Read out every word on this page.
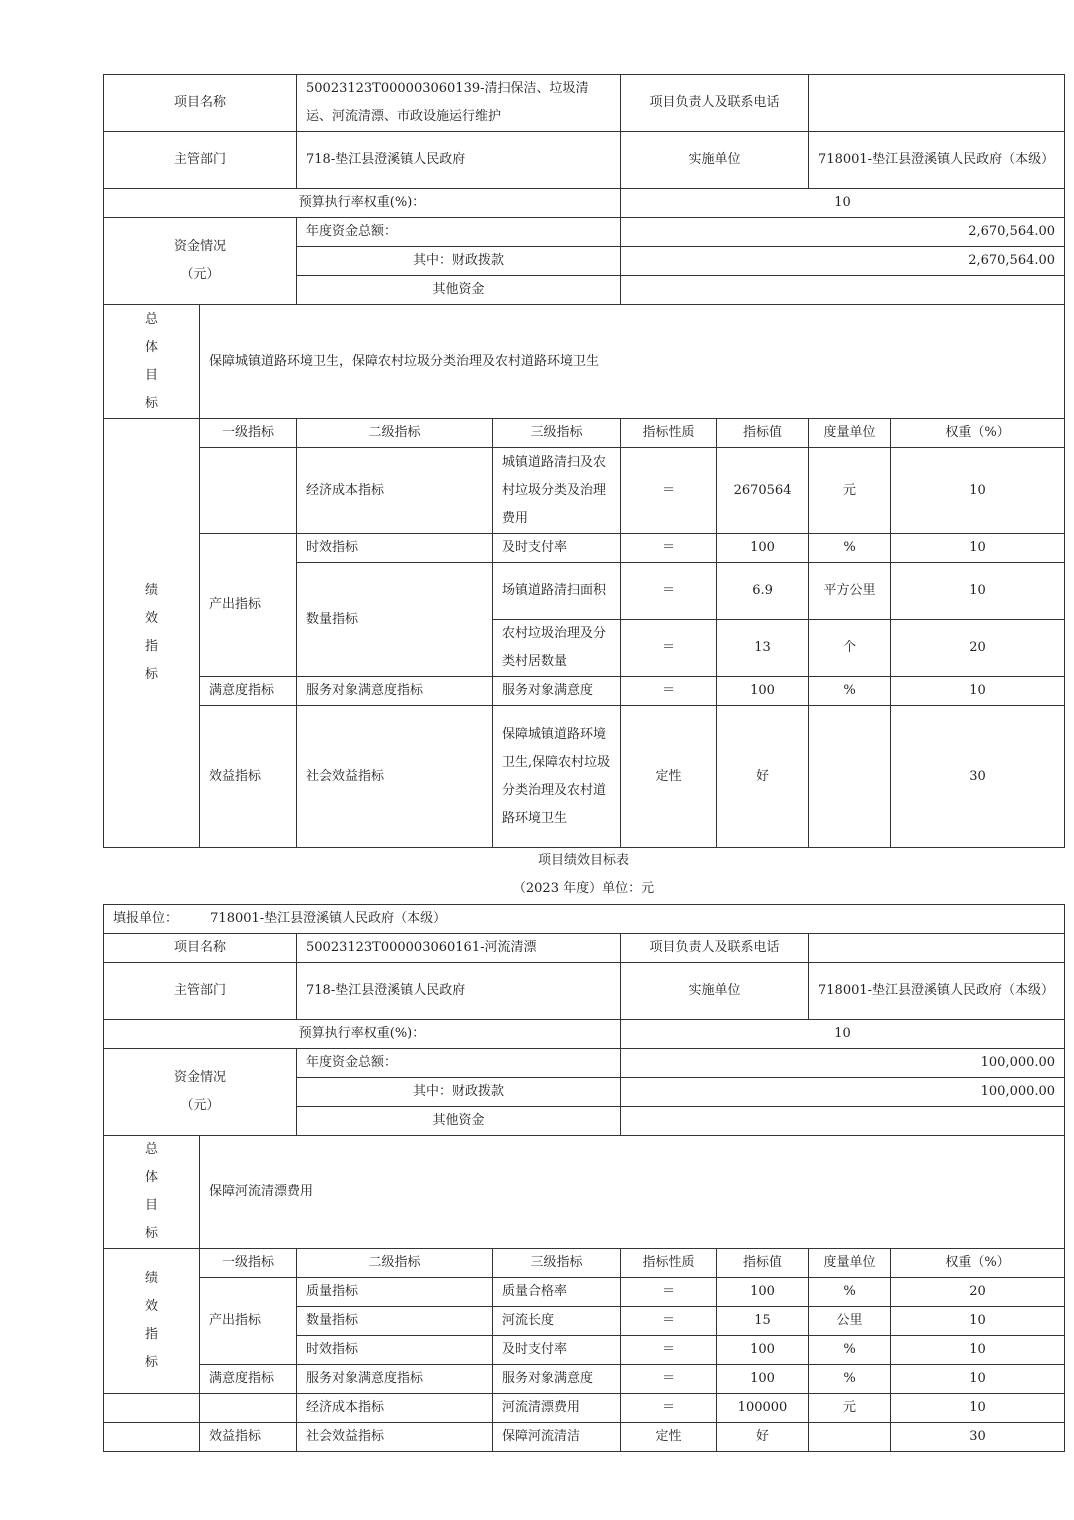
项目名称		50023123T000003060139-清扫保洁、垃圾清运、河流清漂、市政设施运行维护		项目负责人及联系电话			
主管部门		718-垫江县澄溪镇人民政府		实施单位		718001-垫江县澄溪镇人民政府（本级）	
预算执行率权重(%)：				10			

资金情况
（元）		年度资金总额：		2,670,564.00			
		其中：财政拨款		2,670,564.00			
		其他资金					

总
体
目
标	保障城镇道路环境卫生，保障农村垃圾分类治理及农村道路环境卫生						

绩
效
指
标	一级指标	二级指标	三级指标	指标性质	指标值	度量单位	权重（%）
		经济成本指标	城镇道路清扫及农村垃圾分类及治理费用	＝	2670564	元	10
	产出指标	时效指标	及时支付率	＝	100	%	10
		数量指标	场镇道路清扫面积	＝	6.9	平方公里	10
			农村垃圾治理及分类村居数量	＝	13	个	20
	满意度指标	服务对象满意度指标	服务对象满意度	＝	100	%	10
	效益指标	社会效益指标	保障城镇道路环境卫生,保障农村垃圾分类治理及农村道路环境卫生	定性	好		30
项目绩效目标表
（2023 年度）单位：元
填报单位： 718001-垫江县澄溪镇人民政府（本级）							
项目名称		50023123T000003060161-河流清漂		项目负责人及联系电话			
主管部门		718-垫江县澄溪镇人民政府		实施单位		718001-垫江县澄溪镇人民政府（本级）	
预算执行率权重(%)：				10			

资金情况
（元）		年度资金总额：		100,000.00			
		其中：财政拨款		100,000.00			
		其他资金					

总
体
目
标	保障河流清漂费用						

绩
效
指
标	一级指标	二级指标	三级指标	指标性质	指标值	度量单位	权重（%）
	产出指标	质量指标	质量合格率	＝	100	%	20
		数量指标	河流长度	＝	15	公里	10
		时效指标	及时支付率	＝	100	%	10
	满意度指标	服务对象满意度指标	服务对象满意度	＝	100	%	10
		经济成本指标	河流清漂费用	＝	100000	元	10
	效益指标	社会效益指标	保障河流清洁	定性	好		30
